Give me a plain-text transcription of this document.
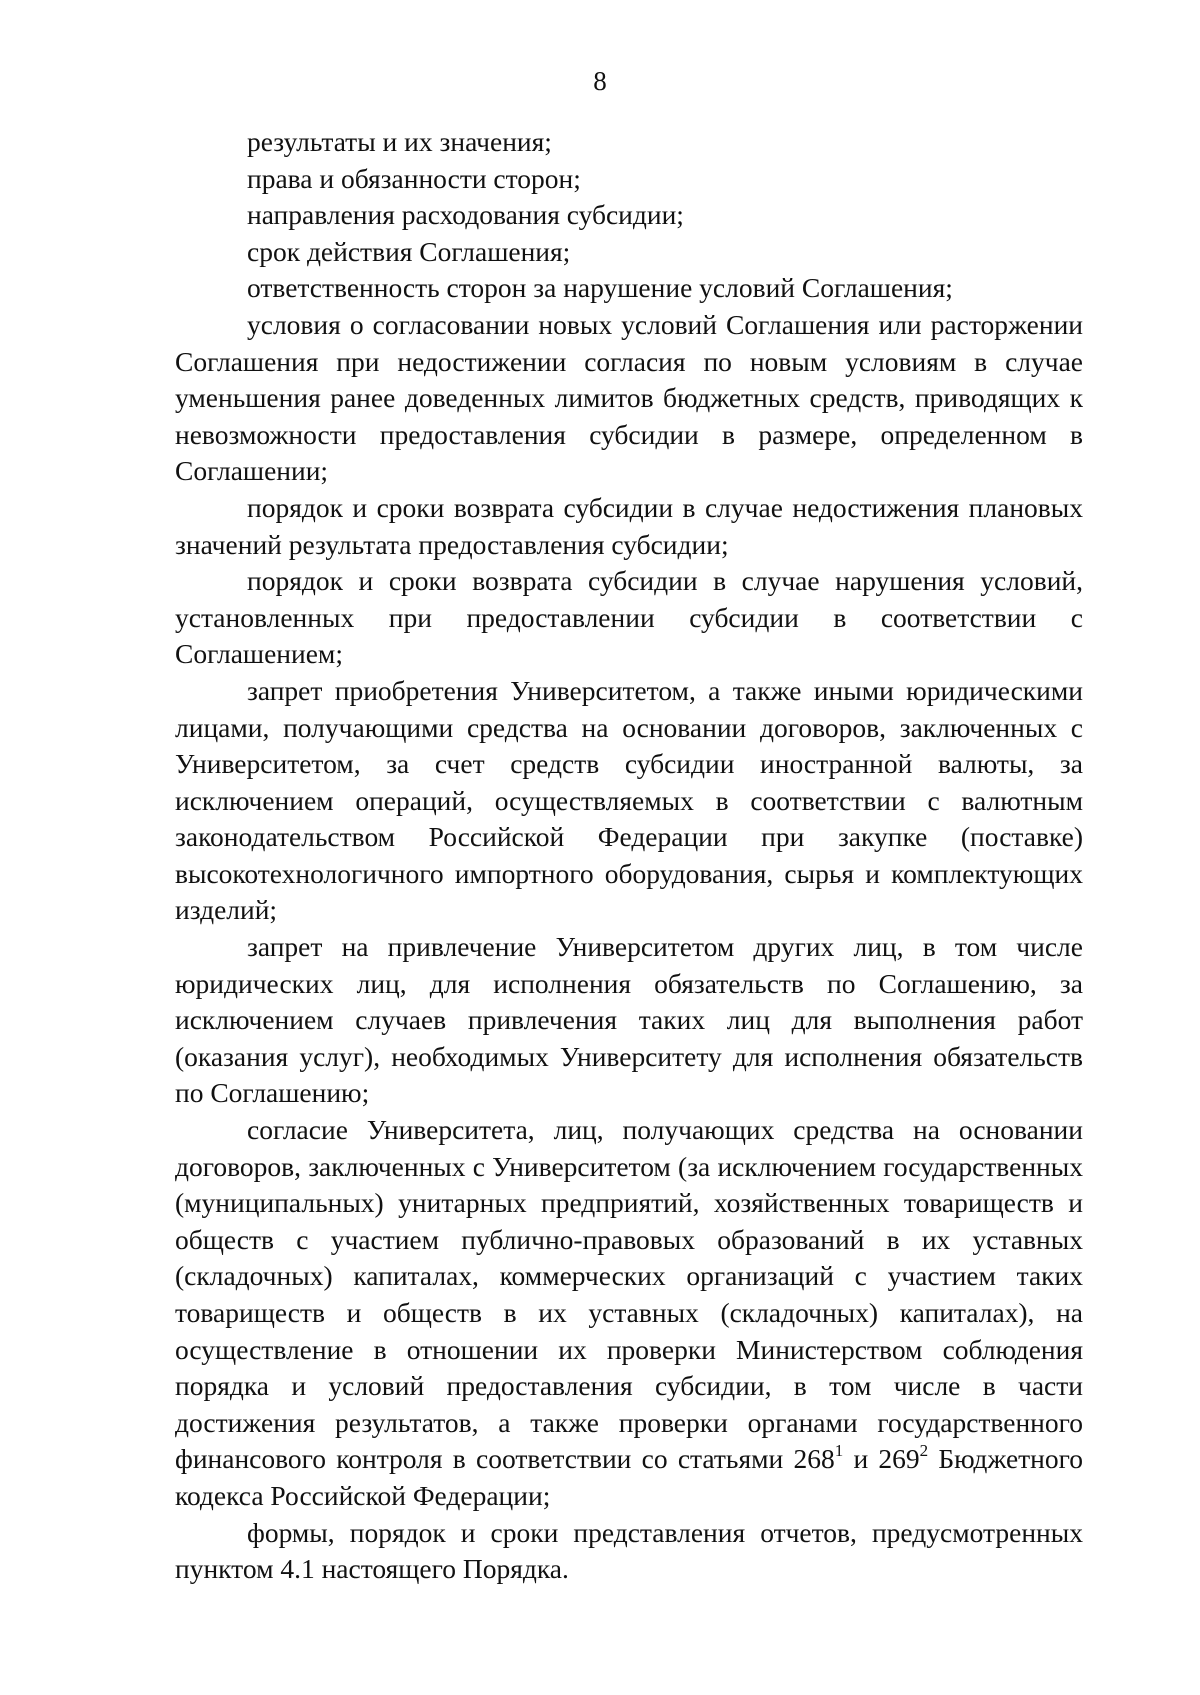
8

результаты и их значения;

права и обязанности сторон;

направления расходования субсидии;

срок действия Соглашения;

ответственность сторон за нарушение условий Соглашения;

условия о согласовании новых условий Соглашения или расторжении Соглашения при недостижении согласия по новым условиям в случае уменьшения ранее доведенных лимитов бюджетных средств, приводящих к невозможности предоставления субсидии в размере, определенном в Соглашении;

порядок и сроки возврата субсидии в случае недостижения плановых значений результата предоставления субсидии;

порядок и сроки возврата субсидии в случае нарушения условий, установленных при предоставлении субсидии в соответствии с Соглашением;

запрет приобретения Университетом, а также иными юридическими лицами, получающими средства на основании договоров, заключенных с Университетом, за счет средств субсидии иностранной валюты, за исключением операций, осуществляемых в соответствии с валютным законодательством Российской Федерации при закупке (поставке) высокотехнологичного импортного оборудования, сырья и комплектующих изделий;

запрет на привлечение Университетом других лиц, в том числе юридических лиц, для исполнения обязательств по Соглашению, за исключением случаев привлечения таких лиц для выполнения работ (оказания услуг), необходимых Университету для исполнения обязательств по Соглашению;

согласие Университета, лиц, получающих средства на основании договоров, заключенных с Университетом (за исключением государственных (муниципальных) унитарных предприятий, хозяйственных товариществ и обществ с участием публично-правовых образований в их уставных (складочных) капиталах, коммерческих организаций с участием таких товариществ и обществ в их уставных (складочных) капиталах), на осуществление в отношении их проверки Министерством соблюдения порядка и условий предоставления субсидии, в том числе в части достижения результатов, а также проверки органами государственного финансового контроля в соответствии со статьями $268^1$ и $269^2$ Бюджетного кодекса Российской Федерации;

формы, порядок и сроки представления отчетов, предусмотренных пунктом 4.1 настоящего Порядка.
